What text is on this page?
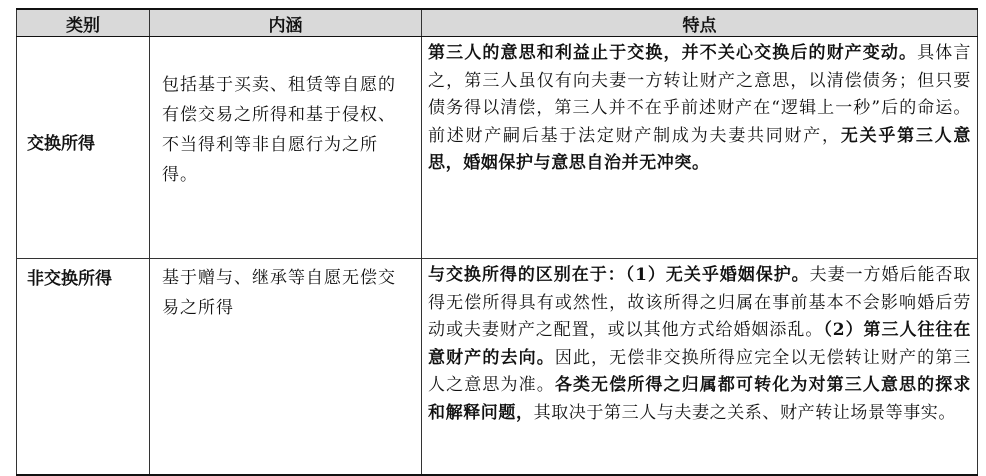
类别	内涵	特点

交换所得	包括基于买卖、租赁等自愿的有偿交易之所得和基于侵权、不当得利等非自愿行为之所得。	第三人的意思和利益止于交换，并不关心交换后的财产变动。具体言之，第三人虽仅有向夫妻一方转让财产之意思，以清偿债务；但只要债务得以清偿，第三人并不在乎前述财产在“逻辑上一秒”后的命运。前述财产嗣后基于法定财产制成为夫妻共同财产，无关乎第三人意思，婚姻保护与意思自治并无冲突。
非交换所得	基于赠与、继承等自愿无偿交易之所得	与交换所得的区别在于：（1）无关乎婚姻保护。夫妻一方婚后能否取得无偿所得具有或然性，故该所得之归属在事前基本不会影响婚后劳动或夫妻财产之配置，或以其他方式给婚姻添乱。（2）第三人往往在意财产的去向。因此，无偿非交换所得应完全以无偿转让财产的第三人之意思为准。各类无偿所得之归属都可转化为对第三人意思的探求和解释问题，其取决于第三人与夫妻之关系、财产转让场景等事实。
